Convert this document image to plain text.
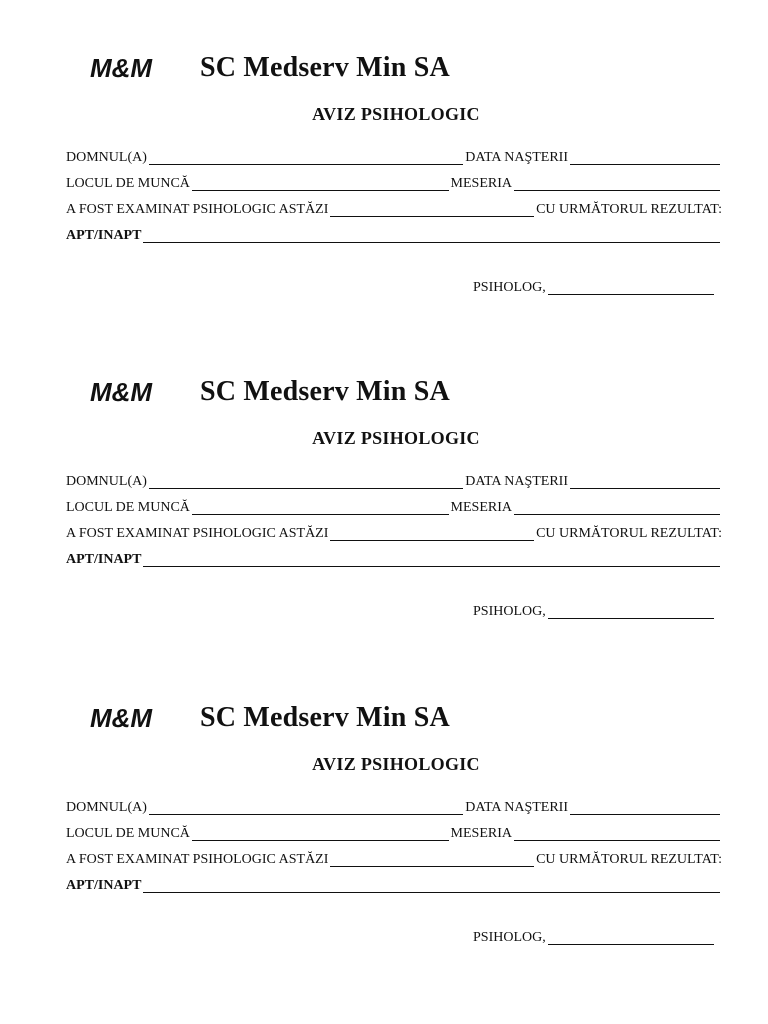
M&M SC Medserv Min SA
AVIZ PSIHOLOGIC
DOMNUL(A)	DATA NAŞTERII
LOCUL DE MUNCĂ	MESERIA
A FOST EXAMINAT PSIHOLOGIC ASTĂZI	CU URMĂTORUL REZULTAT:
APT/INAPT
PSIHOLOG,
M&M SC Medserv Min SA
AVIZ PSIHOLOGIC
DOMNUL(A)	DATA NAŞTERII
LOCUL DE MUNCĂ	MESERIA
A FOST EXAMINAT PSIHOLOGIC ASTĂZI	CU URMĂTORUL REZULTAT:
APT/INAPT
PSIHOLOG,
M&M SC Medserv Min SA
AVIZ PSIHOLOGIC
DOMNUL(A)	DATA NAŞTERII
LOCUL DE MUNCĂ	MESERIA
A FOST EXAMINAT PSIHOLOGIC ASTĂZI	CU URMĂTORUL REZULTAT:
APT/INAPT
PSIHOLOG,
